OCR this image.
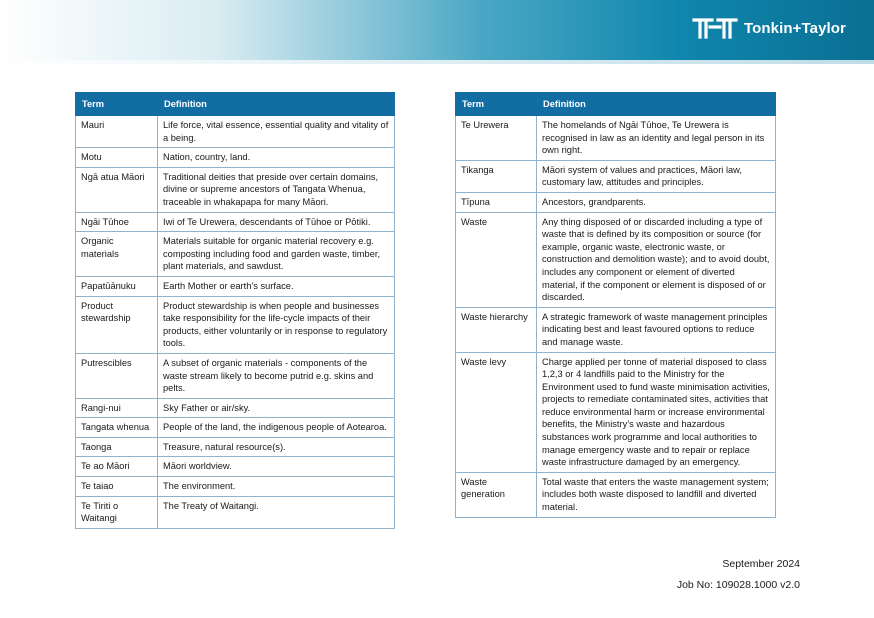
Tonkin+Taylor
Term	Definition
Mauri	Life force, vital essence, essential quality and vitality of a being.
Motu	Nation, country, land.
Ngā atua Māori	Traditional deities that preside over certain domains, divine or supreme ancestors of Tangata Whenua, traceable in whakapapa for many Māori.
Ngāi Tūhoe	Iwi of Te Urewera, descendants of Tūhoe or Pōtiki.
Organic materials	Materials suitable for organic material recovery e.g. composting including food and garden waste, timber, plant materials, and sawdust.
Papatūānuku	Earth Mother or earth’s surface.
Product stewardship	Product stewardship is when people and businesses take responsibility for the life-cycle impacts of their products, either voluntarily or in response to regulatory tools.
Putrescibles	A subset of organic materials - components of the waste stream likely to become putrid e.g. skins and pelts.
Rangi-nui	Sky Father or air/sky.
Tangata whenua	People of the land, the indigenous people of Aotearoa.
Taonga	Treasure, natural resource(s).
Te ao Māori	Māori worldview.
Te taiao	The environment.
Te Tiriti o Waitangi	The Treaty of Waitangi.
Term	Definition
Te Urewera	The homelands of Ngāi Tūhoe, Te Urewera is recognised in law as an identity and legal person in its own right.
Tikanga	Māori system of values and practices, Māori law, customary law, attitudes and principles.
Tīpuna	Ancestors, grandparents.
Waste	Any thing disposed of or discarded including a type of waste that is defined by its composition or source (for example, organic waste, electronic waste, or construction and demolition waste); and to avoid doubt, includes any component or element of diverted material, if the component or element is disposed of or discarded.
Waste hierarchy	A strategic framework of waste management principles indicating best and least favoured options to reduce and manage waste.
Waste levy	Charge applied per tonne of material disposed to class 1,2,3 or 4 landfills paid to the Ministry for the Environment used to fund waste minimisation activities, projects to remediate contaminated sites, activities that reduce environmental harm or increase environmental benefits, the Ministry’s waste and hazardous substances work programme and local authorities to manage emergency waste and to repair or replace waste infrastructure damaged by an emergency.
Waste generation	Total waste that enters the waste management system; includes both waste disposed to landfill and diverted material.
September 2024
Job No: 109028.1000 v2.0
